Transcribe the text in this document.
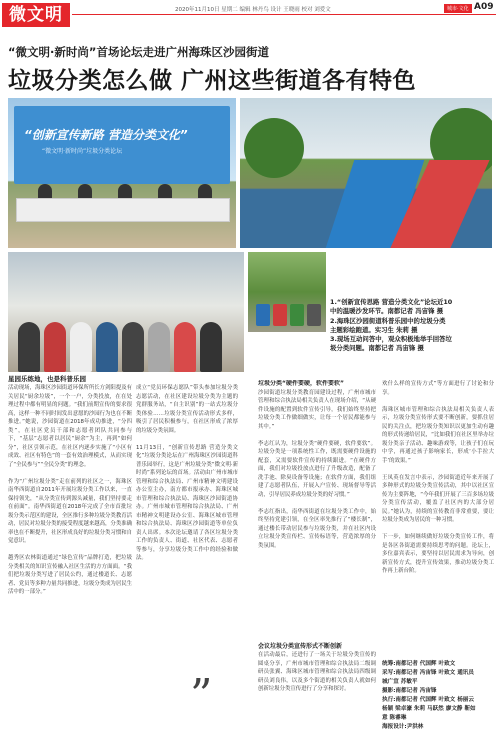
微文明	2020年11月10日 星期二 编辑 林丹鸟 设计 王晓雨 校对 刘爱文	城市·文化 A09
“微文明·新时尚”首场论坛走进广州海珠区沙园街道
垃圾分类怎么做 广州这些街道各有特色
“创新宣传新路 营造分类文化”
“微文明·新时尚”垃圾分类论坛
1.“创新宣传思路 营造分类文化”论坛近10
中的温暖沙发环节。南都记者 冯宙锋 摄
2.海珠区沙园街道科普乐园中的垃圾分类
主题彩绘跑道。实习生 朱莉 摄
3.现场互动问答中，观众积极地举手回答垃
圾分类问题。南都记者 冯宙锋 摄
星园乐练地，也是科普乐园
活动现场，海珠区沙园街道环保所所长方剑阳提及有关居民“厨余垃圾”，一个一户，分类投放，在在处理过程中都有明显的问题。“我们前期宣传的要求很高，这样一种不同时间发出意愿的沙园行为也在不断推进。”她说，沙园街道在2018年成功推进，“分四类”，在社区党员干部和志愿者团队共同参与下，“基层”志愿者以居民“厨余”为主，再到“如何分”，社区引领示范，在社区内逐步实施了“小区有成效、社区有特色”的一套有效治理模式，从而实现了“全民参与”“全民分类”的理念。

作为“广州垃圾分类”走在前列的社区之一，海珠区南华西街道自2011年开展垃圾分类工作以来，一直保持领先，“从分类宣传到源头减量，我们坚持要走在前面”。南华西街道在2018年完成了全市首批垃圾分类示范区的建设，全区推行多种垃圾分类教育活动，居民对垃圾分类的接受程度越来越高，分类准确率也在不断提升，社区形成良好的垃圾分类习惯和自觉意识。

越秀区农林街道通过“绿色宣传”品牌打造，把垃圾分类相关的知识宣传融入社区生活的方方面面。“我们把垃圾分类写进了居民公约，通过楼道长、志愿者、党员等多种力量共同推进，垃圾分类成为居民生活中的一部分。”
成立“党员环保志愿队”带头参加垃圾分类志愿活动，在社区建设垃圾分类为主题的党群服务站，“自主识别”的一站式垃圾分类体验……垃圾分类宣传活动形式多样，吸引了居民积极参与，在社区形成了浓厚的垃圾分类氛围。

11月13日，“创新宣传思路 营造分类文化”垃圾分类论坛在广州海珠区沙园街道科普乐园举行，这是广州垃圾分类“微文明·新时尚”系列论坛的首场。活动由广州市城市管理和综合执法局、广州市精神文明建设办公室主办，南方都市报承办、海珠区城市管理和综合执法局、海珠区沙园街道协办。广州市城市管理和综合执法局、广州市精神文明建设办公室、海珠区城市管理和综合执法局、海珠区沙园街道等单位负责人出席。本次论坛邀请了各区垃圾分类工作的负责人、街道、社区代表、志愿者等参与，分享垃圾分类工作中的经验和做法。
垃圾分类“硬件要硬，软件要软”
沙园街道垃圾分类教育园建设过程，广州市城市管理和综合执法局相关负责人在现场介绍，“从硬件设施的配置到软件宣传引导，我们始终坚持把垃圾分类工作做细做实，让每一个居民都能参与其中。”

李志红认为，垃圾分类“硬件要硬，软件要软”。垃圾分类是一项系统性工作，既需要硬件设施的配套，又需要软件宣传的持续跟进。“在硬件方面，我们对垃圾投放点进行了升级改造，配备了洗手池、除臭设备等设施；在软件方面，我们组建了志愿者队伍，开展入户宣传、现场督导等活动，引导居民养成垃圾分类的好习惯。”

李志红指出，南华西街道在垃圾分类工作中，始终坚持党建引领，在全区率先推行了“楼长制”，通过楼长带动居民参与垃圾分类，并在社区内设立垃圾分类宣传栏、宣传标语等，营造浓厚的分类氛围。
会议垃圾分类宣传形式不断创新
在活动最后，还进行了一场关于垃圾分类宣传的圆桌分享，广州市城市管理和综合执法局二级调研员张翼、海珠区城市管理和综合执法局四级调研员刘良伟，以及多个街道的相关负责人就如何创新垃圾分类宣传进行了分享和探讨。
欢什么样的宣传方式”等方面进行了讨论和分享。

海珠区城市管理和综合执法局相关负责人表示，垃圾分类宣传形式要不断创新，要抓住居民的关注点，把垃圾分类知识以更加生动有趣的形式传递给居民，“比如我们在社区里举办垃圾分类亲子活动、趣味游戏等，让孩子们在玩中学，再通过孩子影响家长，形成‘小手拉大手’的效果。”

王凤英在发言中表示，沙园街道近年来开展了多种形式的垃圾分类宣传活动，其中以社区宣传为主要阵地，“今年我们开展了三百多场垃圾分类宣传活动，覆盖了社区内的大部分居民。”她认为，持续的宣传教育非常重要，要让垃圾分类成为居民的一种习惯。

下一步，如何继续做好垃圾分类宣传工作，将是各区各街道需要持续思考的问题。论坛上，多位嘉宾表示，要坚持以居民需求为导向，创新宣传方式，提升宣传效果，推动垃圾分类工作再上新台阶。
”
统筹:南都记者 代国辉 叶致文
采写:南都记者 冯宙锋 叶致文 通讯员
城广宣 苏敏平
摄影:南都记者 冯宙锋
执行:南都记者 代国辉 叶致文 杨丽云
杨颖 梁卓濠 朱莉 马跃然 廖文静 靳如
意 陈睿琳
海报设计:尹洪林
